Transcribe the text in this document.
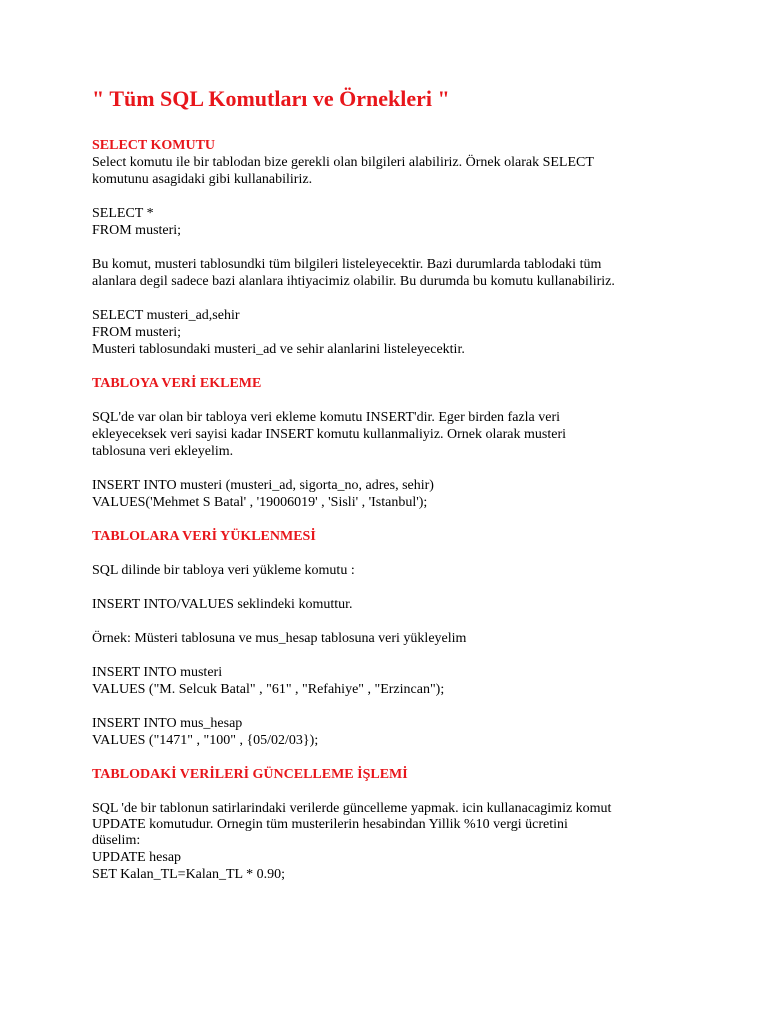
" Tüm SQL Komutları ve Örnekleri "
SELECT KOMUTU

Select komutu ile bir tablodan bize gerekli olan bilgileri alabiliriz. Örnek olarak SELECT

komutunu asagidaki gibi kullanabiliriz.

SELECT *

FROM musteri;

Bu komut, musteri tablosundki tüm bilgileri listeleyecektir. Bazi durumlarda tablodaki tüm

alanlara degil sadece bazi alanlara ihtiyacimiz olabilir. Bu durumda bu komutu kullanabiliriz.

SELECT musteri_ad,sehir

FROM musteri;

Musteri tablosundaki musteri_ad ve sehir alanlarini listeleyecektir.

TABLOYA VERİ EKLEME

SQL'de var olan bir tabloya veri ekleme komutu INSERT'dir. Eger birden fazla veri

ekleyeceksek veri sayisi kadar INSERT komutu kullanmaliyiz. Ornek olarak musteri

tablosuna veri ekleyelim.

INSERT INTO musteri (musteri_ad, sigorta_no, adres, sehir)

VALUES('Mehmet S Batal' , '19006019' , 'Sisli' , 'Istanbul');

TABLOLARA VERİ YÜKLENMESİ

SQL dilinde bir tabloya veri yükleme komutu :

INSERT INTO/VALUES seklindeki komuttur.

Örnek: Müsteri tablosuna ve mus_hesap tablosuna veri yükleyelim

INSERT INTO musteri

VALUES ("M. Selcuk Batal" , "61" , "Refahiye" , "Erzincan");

INSERT INTO mus_hesap

VALUES ("1471" , "100" , {05/02/03});

TABLODAKİ VERİLERİ GÜNCELLEME İŞLEMİ

SQL 'de bir tablonun satirlarindaki verilerde güncelleme yapmak. icin kullanacagimiz komut

UPDATE komutudur. Ornegin tüm musterilerin hesabindan Yillik %10 vergi ücretini

düselim:

UPDATE hesap

SET Kalan_TL=Kalan_TL * 0.90;
